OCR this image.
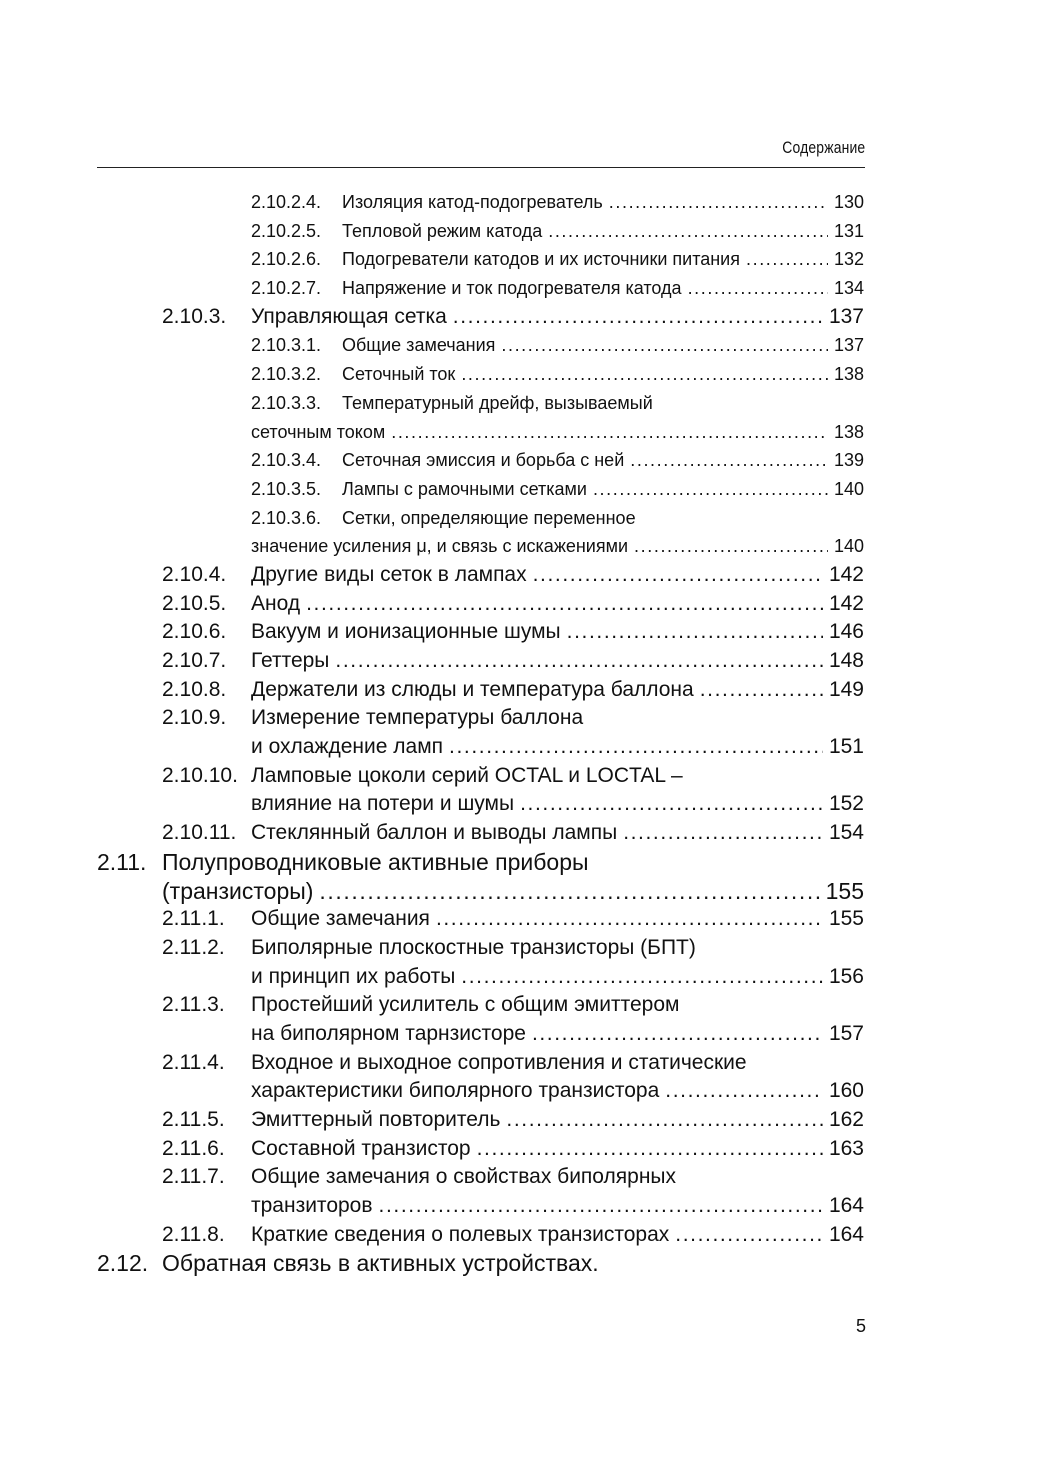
Содержание
2.10.2.4. Изоляция катод-подогреватель .....	130
2.10.2.5. Тепловой режим катода .....	131
2.10.2.6. Подогреватели катодов и их источники питания .....	132
2.10.2.7. Напряжение и ток подогревателя катода .....	134
2.10.3. Управляющая сетка .....	137
2.10.3.1. Общие замечания .....	137
2.10.3.2. Сеточный ток .....	138
2.10.3.3. Температурный дрейф, вызываемый
сеточным током .....	138
2.10.3.4. Сеточная эмиссия и борьба с ней .....	139
2.10.3.5. Лампы с рамочными сетками .....	140
2.10.3.6. Сетки, определяющие переменное
значение усиления μ, и связь с искажениями .....	140
2.10.4. Другие виды сеток в лампах .....	142
2.10.5. Анод .....	142
2.10.6. Вакуум и ионизационные шумы .....	146
2.10.7. Геттеры .....	148
2.10.8. Держатели из слюды и температура баллона .....	149
2.10.9. Измерение температуры баллона
и охлаждение ламп .....	151
2.10.10. Ламповые цоколи серий OCTAL и LOCTAL –
влияние на потери и шумы .....	152
2.10.11. Стеклянный баллон и выводы лампы .....	154
2.11. Полупроводниковые активные приборы
(транзисторы) .....	155
2.11.1. Общие замечания .....	155
2.11.2. Биполярные плоскостные транзисторы (БПТ)
и принцип их работы .....	156
2.11.3. Простейший усилитель с общим эмиттером
на биполярном тарнзисторе .....	157
2.11.4. Входное и выходное сопротивления и статические
характеристики биполярного транзистора .....	160
2.11.5. Эмиттерный повторитель .....	162
2.11.6. Составной транзистор .....	163
2.11.7. Общие замечания о свойствах биполярных
транзиторов .....	164
2.11.8. Краткие сведения о полевых транзисторах .....	164
2.12. Обратная связь в активных устройствах.
5
